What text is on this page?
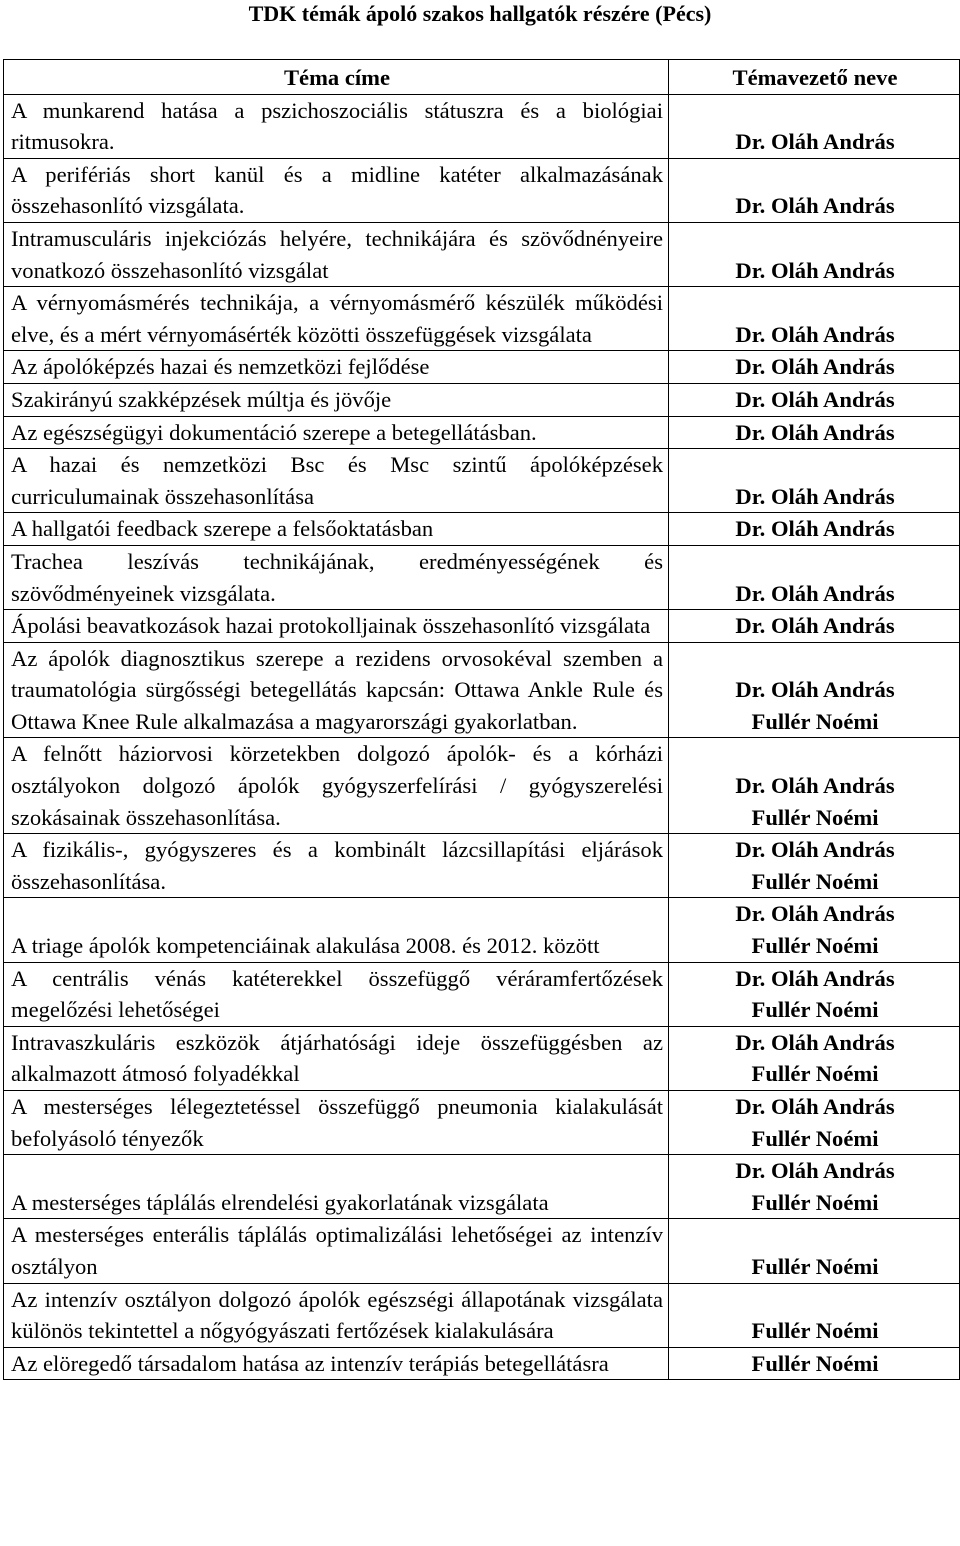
TDK témák ápoló szakos hallgatók részére (Pécs)
Téma címe	Témavezető neve
A munkarend hatása a pszichoszociális státuszra és a biológiai ritmusokra.	Dr. Oláh András

A perifériás short kanül és a midline katéter alkalmazásának összehasonlító vizsgálata.	Dr. Oláh András

Intramusculáris injekciózás helyére, technikájára és szövődnényeire vonatkozó összehasonlító vizsgálat	Dr. Oláh András

A vérnyomásmérés technikája, a vérnyomásmérő készülék működési elve, és a mért vérnyomásérték közötti összefüggések vizsgálata	Dr. Oláh András

Az ápolóképzés hazai és nemzetközi fejlődése	Dr. Oláh András

Szakirányú szakképzések múltja és jövője	Dr. Oláh András

Az egészségügyi dokumentáció szerepe a betegellátásban.	Dr. Oláh András

A hazai és nemzetközi Bsc és Msc szintű ápolóképzések curriculumainak összehasonlítása	Dr. Oláh András

A hallgatói feedback szerepe a felsőoktatásban	Dr. Oláh András

Trachea leszívás technikájának, eredményességének és szövődményeinek vizsgálata.	Dr. Oláh András

Ápolási beavatkozások hazai protokolljainak összehasonlító vizsgálata	Dr. Oláh András

Az ápolók diagnosztikus szerepe a rezidens orvosokéval szemben a traumatológia sürgősségi betegellátás kapcsán: Ottawa Ankle Rule és Ottawa Knee Rule alkalmazása a magyarországi gyakorlatban.	Dr. Oláh András
Fullér Noémi

A felnőtt háziorvosi körzetekben dolgozó ápolók- és a kórházi osztályokon dolgozó ápolók gyógyszerfelírási / gyógyszerelési szokásainak összehasonlítása.	Dr. Oláh András
Fullér Noémi

A fizikális-, gyógyszeres és a kombinált lázcsillapítási eljárások összehasonlítása.	Dr. Oláh András
Fullér Noémi

A triage ápolók kompetenciáinak alakulása 2008. és 2012. között	Dr. Oláh András
Fullér Noémi

A centrális vénás katéterekkel összefüggő véráramfertőzések megelőzési lehetőségei	Dr. Oláh András
Fullér Noémi

Intravaszkuláris eszközök átjárhatósági ideje összefüggésben az alkalmazott átmosó folyadékkal	Dr. Oláh András
Fullér Noémi

A mesterséges lélegeztetéssel összefüggő pneumonia kialakulását befolyásoló tényezők	Dr. Oláh András
Fullér Noémi

A mesterséges táplálás elrendelési gyakorlatának vizsgálata	Dr. Oláh András
Fullér Noémi

A mesterséges enterális táplálás optimalizálási lehetőségei az intenzív osztályon	Fullér Noémi

Az intenzív osztályon dolgozó ápolók egészségi állapotának vizsgálata különös tekintettel a nőgyógyászati fertőzések kialakulására	Fullér Noémi

Az elöregedő társadalom hatása az intenzív terápiás betegellátásra	Fullér Noémi
